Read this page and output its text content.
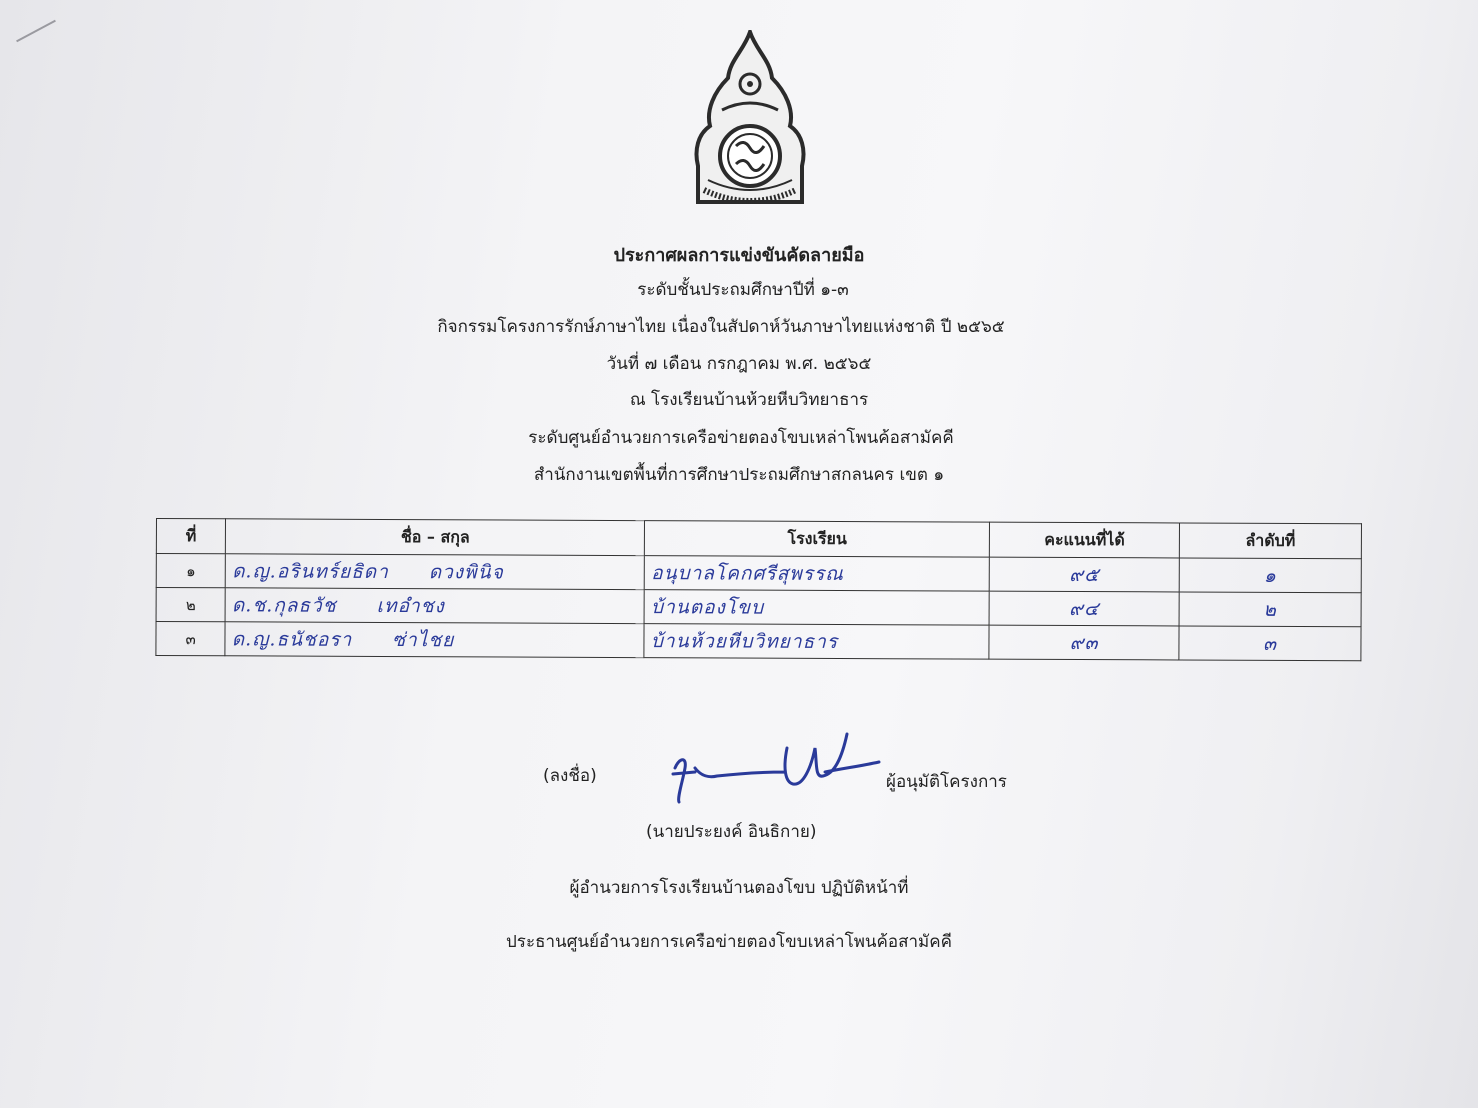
ประกาศผลการแข่งขันคัดลายมือ
ระดับชั้นประถมศึกษาปีที่ ๑-๓
กิจกรรมโครงการรักษ์ภาษาไทย เนื่องในสัปดาห์วันภาษาไทยแห่งชาติ ปี ๒๕๖๕
วันที่ ๗ เดือน กรกฎาคม พ.ศ. ๒๕๖๕
ณ โรงเรียนบ้านห้วยหีบวิทยาธาร
ระดับศูนย์อำนวยการเครือข่ายตองโขบเหล่าโพนค้อสามัคคี
สำนักงานเขตพื้นที่การศึกษาประถมศึกษาสกลนคร เขต ๑
ที่	ชื่อ – สกุล	โรงเรียน	คะแนนที่ได้	ลำดับที่
๑	ด.ญ.อรินทร์ยธิดา ดวงพินิจ	อนุบาลโคกศรีสุพรรณ	๙๕	๑
๒	ด.ช.กุลธวัช เทอำชง	บ้านตองโขบ	๙๔	๒
๓	ด.ญ.ธนัชอรา ซ่าไชย	บ้านห้วยหีบวิทยาธาร	๙๓	๓
(ลงชื่อ)	ผู้อนุมัติโครงการ
(นายประยงค์ อินธิกาย)
ผู้อำนวยการโรงเรียนบ้านตองโขบ ปฏิบัติหน้าที่
ประธานศูนย์อำนวยการเครือข่ายตองโขบเหล่าโพนค้อสามัคคี
